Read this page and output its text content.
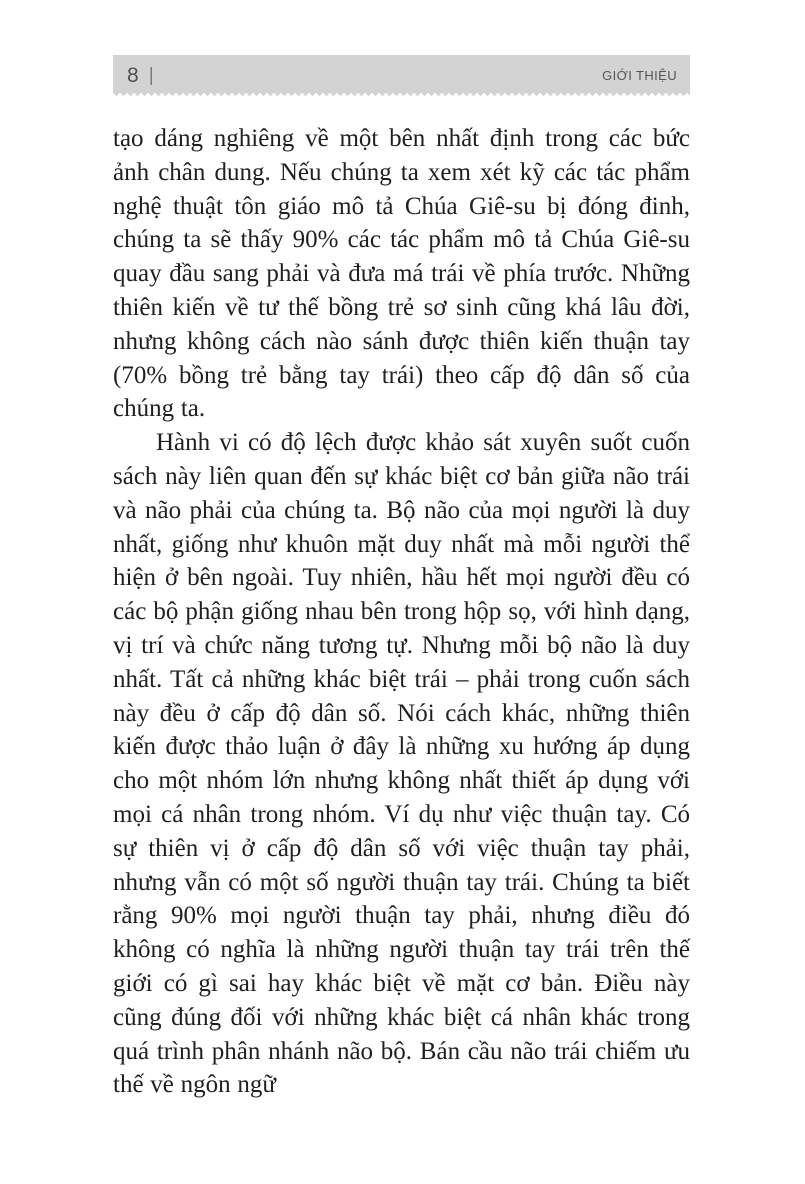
8 |	GIỚI THIỆU

tạo dáng nghiêng về một bên nhất định trong các bức ảnh chân dung. Nếu chúng ta xem xét kỹ các tác phẩm nghệ thuật tôn giáo mô tả Chúa Giê-su bị đóng đinh, chúng ta sẽ thấy 90% các tác phẩm mô tả Chúa Giê-su quay đầu sang phải và đưa má trái về phía trước. Những thiên kiến về tư thế bồng trẻ sơ sinh cũng khá lâu đời, nhưng không cách nào sánh được thiên kiến thuận tay (70% bồng trẻ bằng tay trái) theo cấp độ dân số của chúng ta.

Hành vi có độ lệch được khảo sát xuyên suốt cuốn sách này liên quan đến sự khác biệt cơ bản giữa não trái và não phải của chúng ta. Bộ não của mọi người là duy nhất, giống như khuôn mặt duy nhất mà mỗi người thể hiện ở bên ngoài. Tuy nhiên, hầu hết mọi người đều có các bộ phận giống nhau bên trong hộp sọ, với hình dạng, vị trí và chức năng tương tự. Nhưng mỗi bộ não là duy nhất. Tất cả những khác biệt trái – phải trong cuốn sách này đều ở cấp độ dân số. Nói cách khác, những thiên kiến được thảo luận ở đây là những xu hướng áp dụng cho một nhóm lớn nhưng không nhất thiết áp dụng với mọi cá nhân trong nhóm. Ví dụ như việc thuận tay. Có sự thiên vị ở cấp độ dân số với việc thuận tay phải, nhưng vẫn có một số người thuận tay trái. Chúng ta biết rằng 90% mọi người thuận tay phải, nhưng điều đó không có nghĩa là những người thuận tay trái trên thế giới có gì sai hay khác biệt về mặt cơ bản. Điều này cũng đúng đối với những khác biệt cá nhân khác trong quá trình phân nhánh não bộ. Bán cầu não trái chiếm ưu thế về ngôn ngữ
